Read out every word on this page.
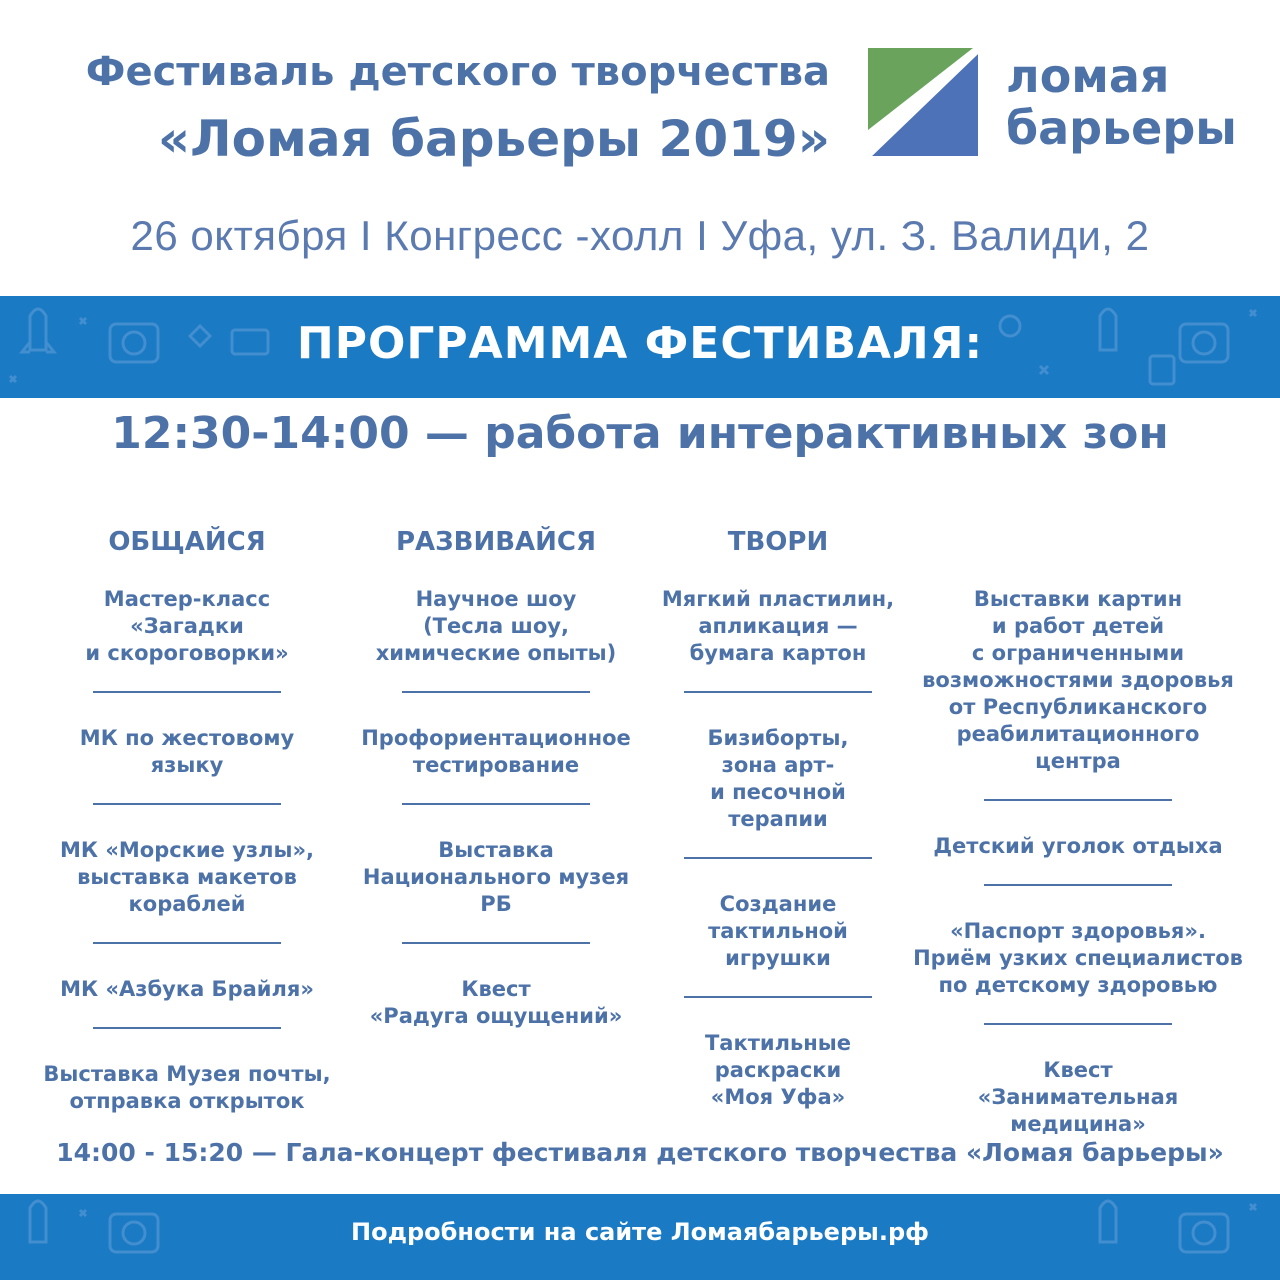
Фестиваль детского творчества
«Ломая барьеры 2019»
ломая
барьеры
26 октября I Конгресс -холл I Уфа, ул. З. Валиди, 2
ПРОГРАММА ФЕСТИВАЛЯ:
12:30-14:00 — работа интерактивных зон
ОБЩАЙСЯ
Мастер-класс
«Загадки
и скороговорки»
МК по жестовому языку
МК «Морские узлы»,
выставка макетов
кораблей
МК «Азбука Брайля»
Выставка Музея почты,
отправка открыток
РАЗВИВАЙСЯ
Научное шоу
(Тесла шоу,
химические опыты)
Профориентационное
тестирование
Выставка
Национального музея РБ
Квест
«Радуга ощущений»
ТВОРИ
Мягкий пластилин,
апликация —
бумага картон
Бизиборты,
зона арт-
и песочной
терапии
Создание
тактильной
игрушки
Тактильные раскраски
«Моя Уфа»
Выставки картин
и работ детей
с ограниченными
возможностями здоровья
от Республиканского
реабилитационного
центра
Детский уголок отдыха
«Паспорт здоровья».
Приём узких специалистов
по детскому здоровью
Квест
«Занимательная медицина»
14:00 - 15:20 — Гала-концерт фестиваля детского творчества «Ломая барьеры»
Подробности на сайте Ломаябарьеры.рф
